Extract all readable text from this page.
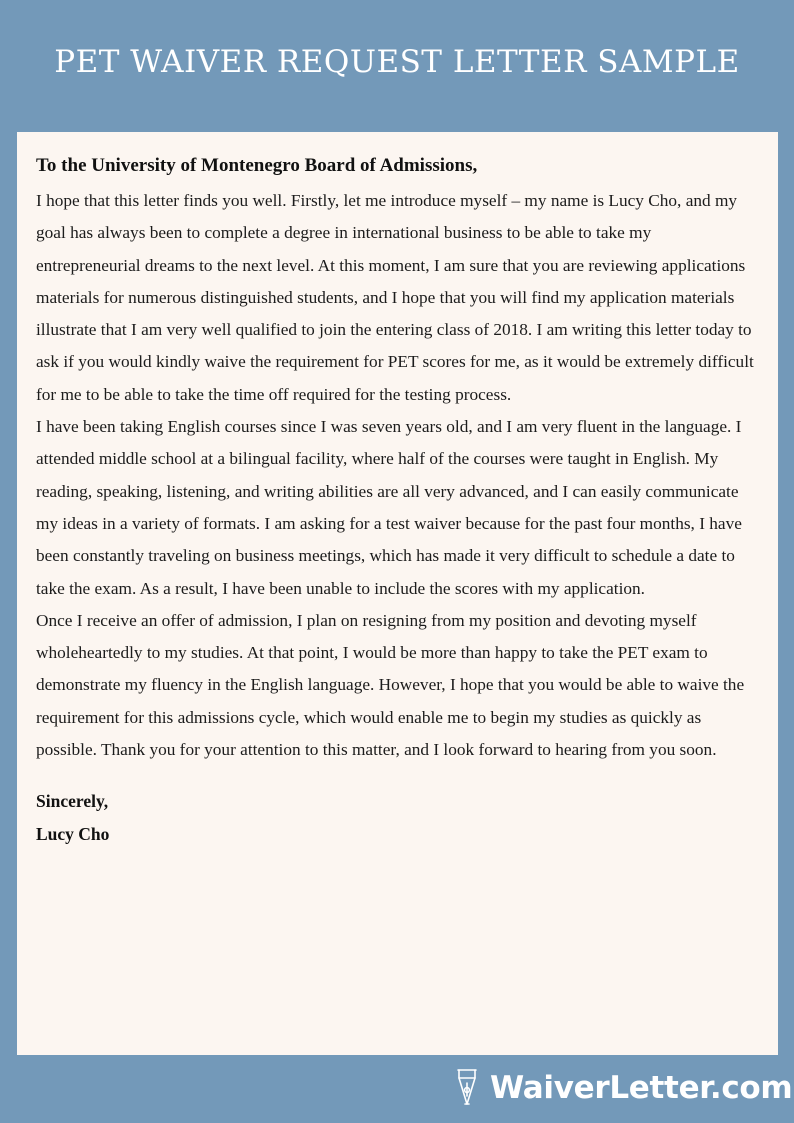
PET WAIVER REQUEST LETTER SAMPLE
To the University of Montenegro Board of Admissions,

I hope that this letter finds you well. Firstly, let me introduce myself – my name is Lucy Cho, and my goal has always been to complete a degree in international business to be able to take my entrepreneurial dreams to the next level. At this moment, I am sure that you are reviewing applications materials for numerous distinguished students, and I hope that you will find my application materials illustrate that I am very well qualified to join the entering class of 2018. I am writing this letter today to ask if you would kindly waive the requirement for PET scores for me, as it would be extremely difficult for me to be able to take the time off required for the testing process.

I have been taking English courses since I was seven years old, and I am very fluent in the language. I attended middle school at a bilingual facility, where half of the courses were taught in English. My reading, speaking, listening, and writing abilities are all very advanced, and I can easily communicate my ideas in a variety of formats. I am asking for a test waiver because for the past four months, I have been constantly traveling on business meetings, which has made it very difficult to schedule a date to take the exam. As a result, I have been unable to include the scores with my application.

Once I receive an offer of admission, I plan on resigning from my position and devoting myself wholeheartedly to my studies. At that point, I would be more than happy to take the PET exam to demonstrate my fluency in the English language. However, I hope that you would be able to waive the requirement for this admissions cycle, which would enable me to begin my studies as quickly as possible. Thank you for your attention to this matter, and I look forward to hearing from you soon.

Sincerely,
Lucy Cho
WaiverLetter.com
